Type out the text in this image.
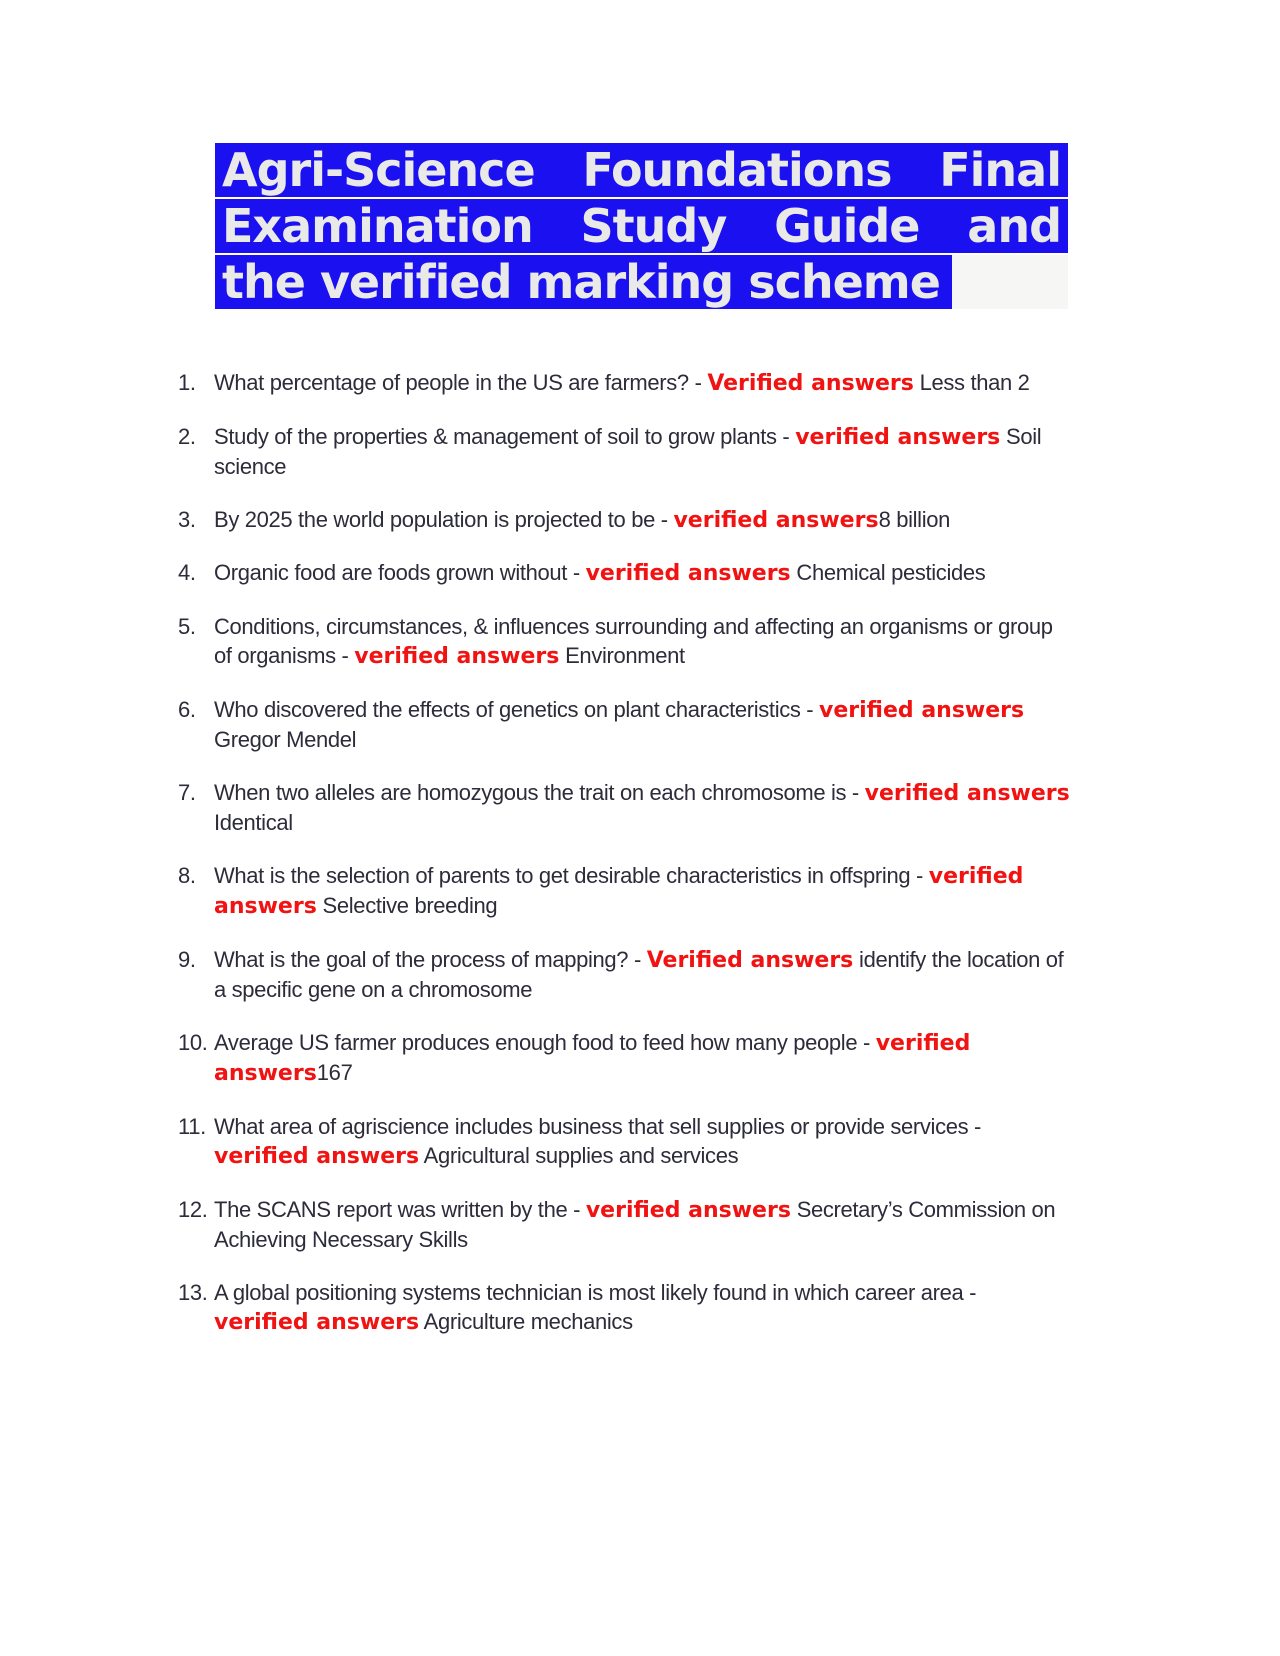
Agri-Science Foundations Final
Examination Study Guide and
the verified marking scheme
1. What percentage of people in the US are farmers? - Verified answers Less than 2
2. Study of the properties & management of soil to grow plants - verified answers Soil science
3. By 2025 the world population is projected to be - verified answers8 billion
4. Organic food are foods grown without - verified answers Chemical pesticides
5. Conditions, circumstances, & influences surrounding and affecting an organisms or group of organisms - verified answers Environment
6. Who discovered the effects of genetics on plant characteristics - verified answers Gregor Mendel
7. When two alleles are homozygous the trait on each chromosome is - verified answers Identical
8. What is the selection of parents to get desirable characteristics in offspring - verified answers Selective breeding
9. What is the goal of the process of mapping? - Verified answers identify the location of a specific gene on a chromosome
10. Average US farmer produces enough food to feed how many people - verified answers167
11. What area of agriscience includes business that sell supplies or provide services - verified answers Agricultural supplies and services
12. The SCANS report was written by the - verified answers Secretary’s Commission on Achieving Necessary Skills
13. A global positioning systems technician is most likely found in which career area - verified answers Agriculture mechanics
